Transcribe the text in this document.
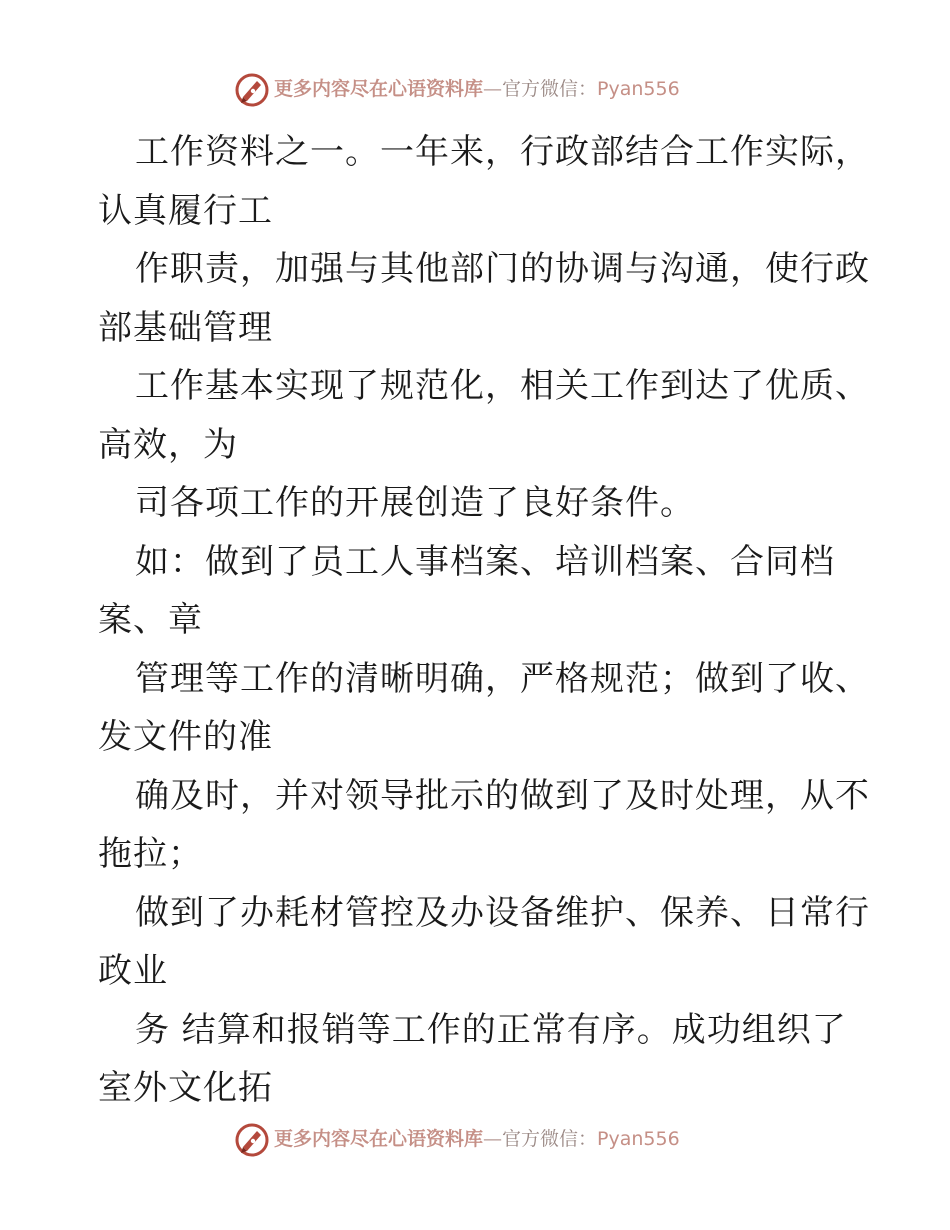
更多内容尽在心语资料库—官方微信：Pyan556
工作资料之一。一年来，行政部结合工作实际，
认真履行工
作职责，加强与其他部门的协调与沟通，使行政
部基础管理
工作基本实现了规范化，相关工作到达了优质、
高效，为
司各项工作的开展创造了良好条件。
如：做到了员工人事档案、培训档案、合同档
案、章
管理等工作的清晰明确，严格规范；做到了收、
发文件的准
确及时，并对领导批示的做到了及时处理，从不
拖拉；
做到了办耗材管控及办设备维护、保养、日常行
政业
务 结算和报销等工作的正常有序。成功组织了
室外文化拓
更多内容尽在心语资料库—官方微信：Pyan556
